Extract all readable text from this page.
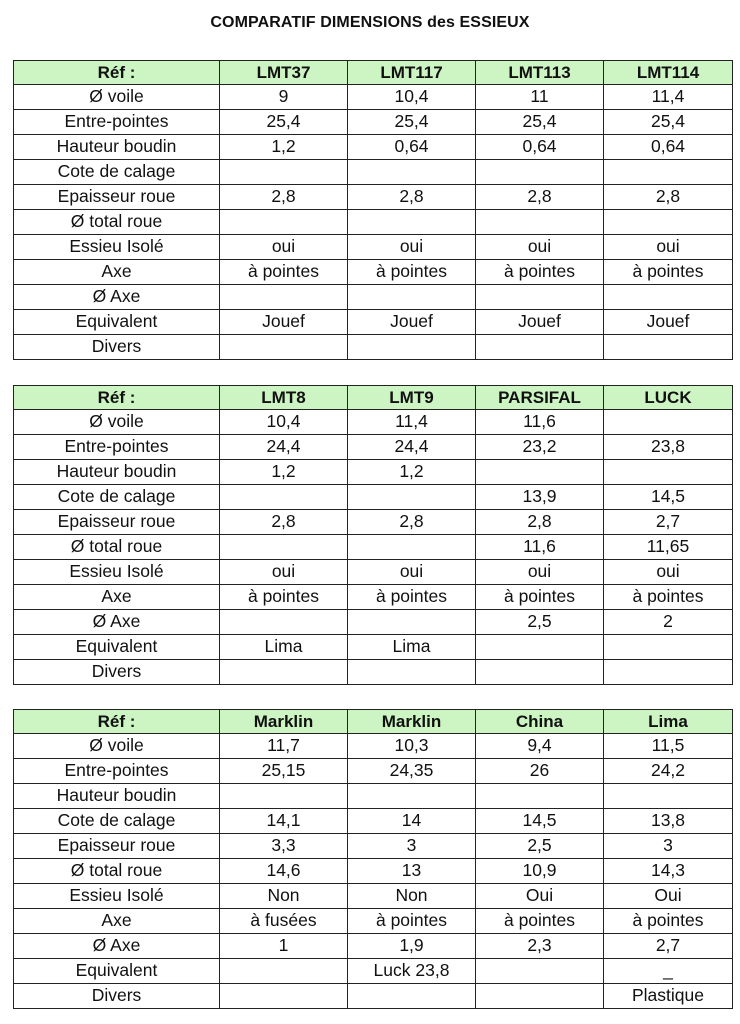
COMPARATIF DIMENSIONS des ESSIEUX
Réf :	LMT37	LMT117	LMT113	LMT114
Ø voile	9	10,4	11	11,4
Entre-pointes	25,4	25,4	25,4	25,4
Hauteur boudin	1,2	0,64	0,64	0,64
Cote de calage				
Epaisseur roue	2,8	2,8	2,8	2,8
Ø total roue				
Essieu Isolé	oui	oui	oui	oui
Axe	à pointes	à pointes	à pointes	à pointes
Ø Axe				
Equivalent	Jouef	Jouef	Jouef	Jouef
Divers				
Réf :	LMT8	LMT9	PARSIFAL	LUCK
Ø voile	10,4	11,4	11,6	
Entre-pointes	24,4	24,4	23,2	23,8
Hauteur boudin	1,2	1,2		
Cote de calage			13,9	14,5
Epaisseur roue	2,8	2,8	2,8	2,7
Ø total roue			11,6	11,65
Essieu Isolé	oui	oui	oui	oui
Axe	à pointes	à pointes	à pointes	à pointes
Ø Axe			2,5	2
Equivalent	Lima	Lima		
Divers				
Réf :	Marklin	Marklin	China	Lima
Ø voile	11,7	10,3	9,4	11,5
Entre-pointes	25,15	24,35	26	24,2
Hauteur boudin				
Cote de calage	14,1	14	14,5	13,8
Epaisseur roue	3,3	3	2,5	3
Ø total roue	14,6	13	10,9	14,3
Essieu Isolé	Non	Non	Oui	Oui
Axe	à fusées	à pointes	à pointes	à pointes
Ø Axe	1	1,9	2,3	2,7
Equivalent		Luck 23,8		_
Divers				Plastique
